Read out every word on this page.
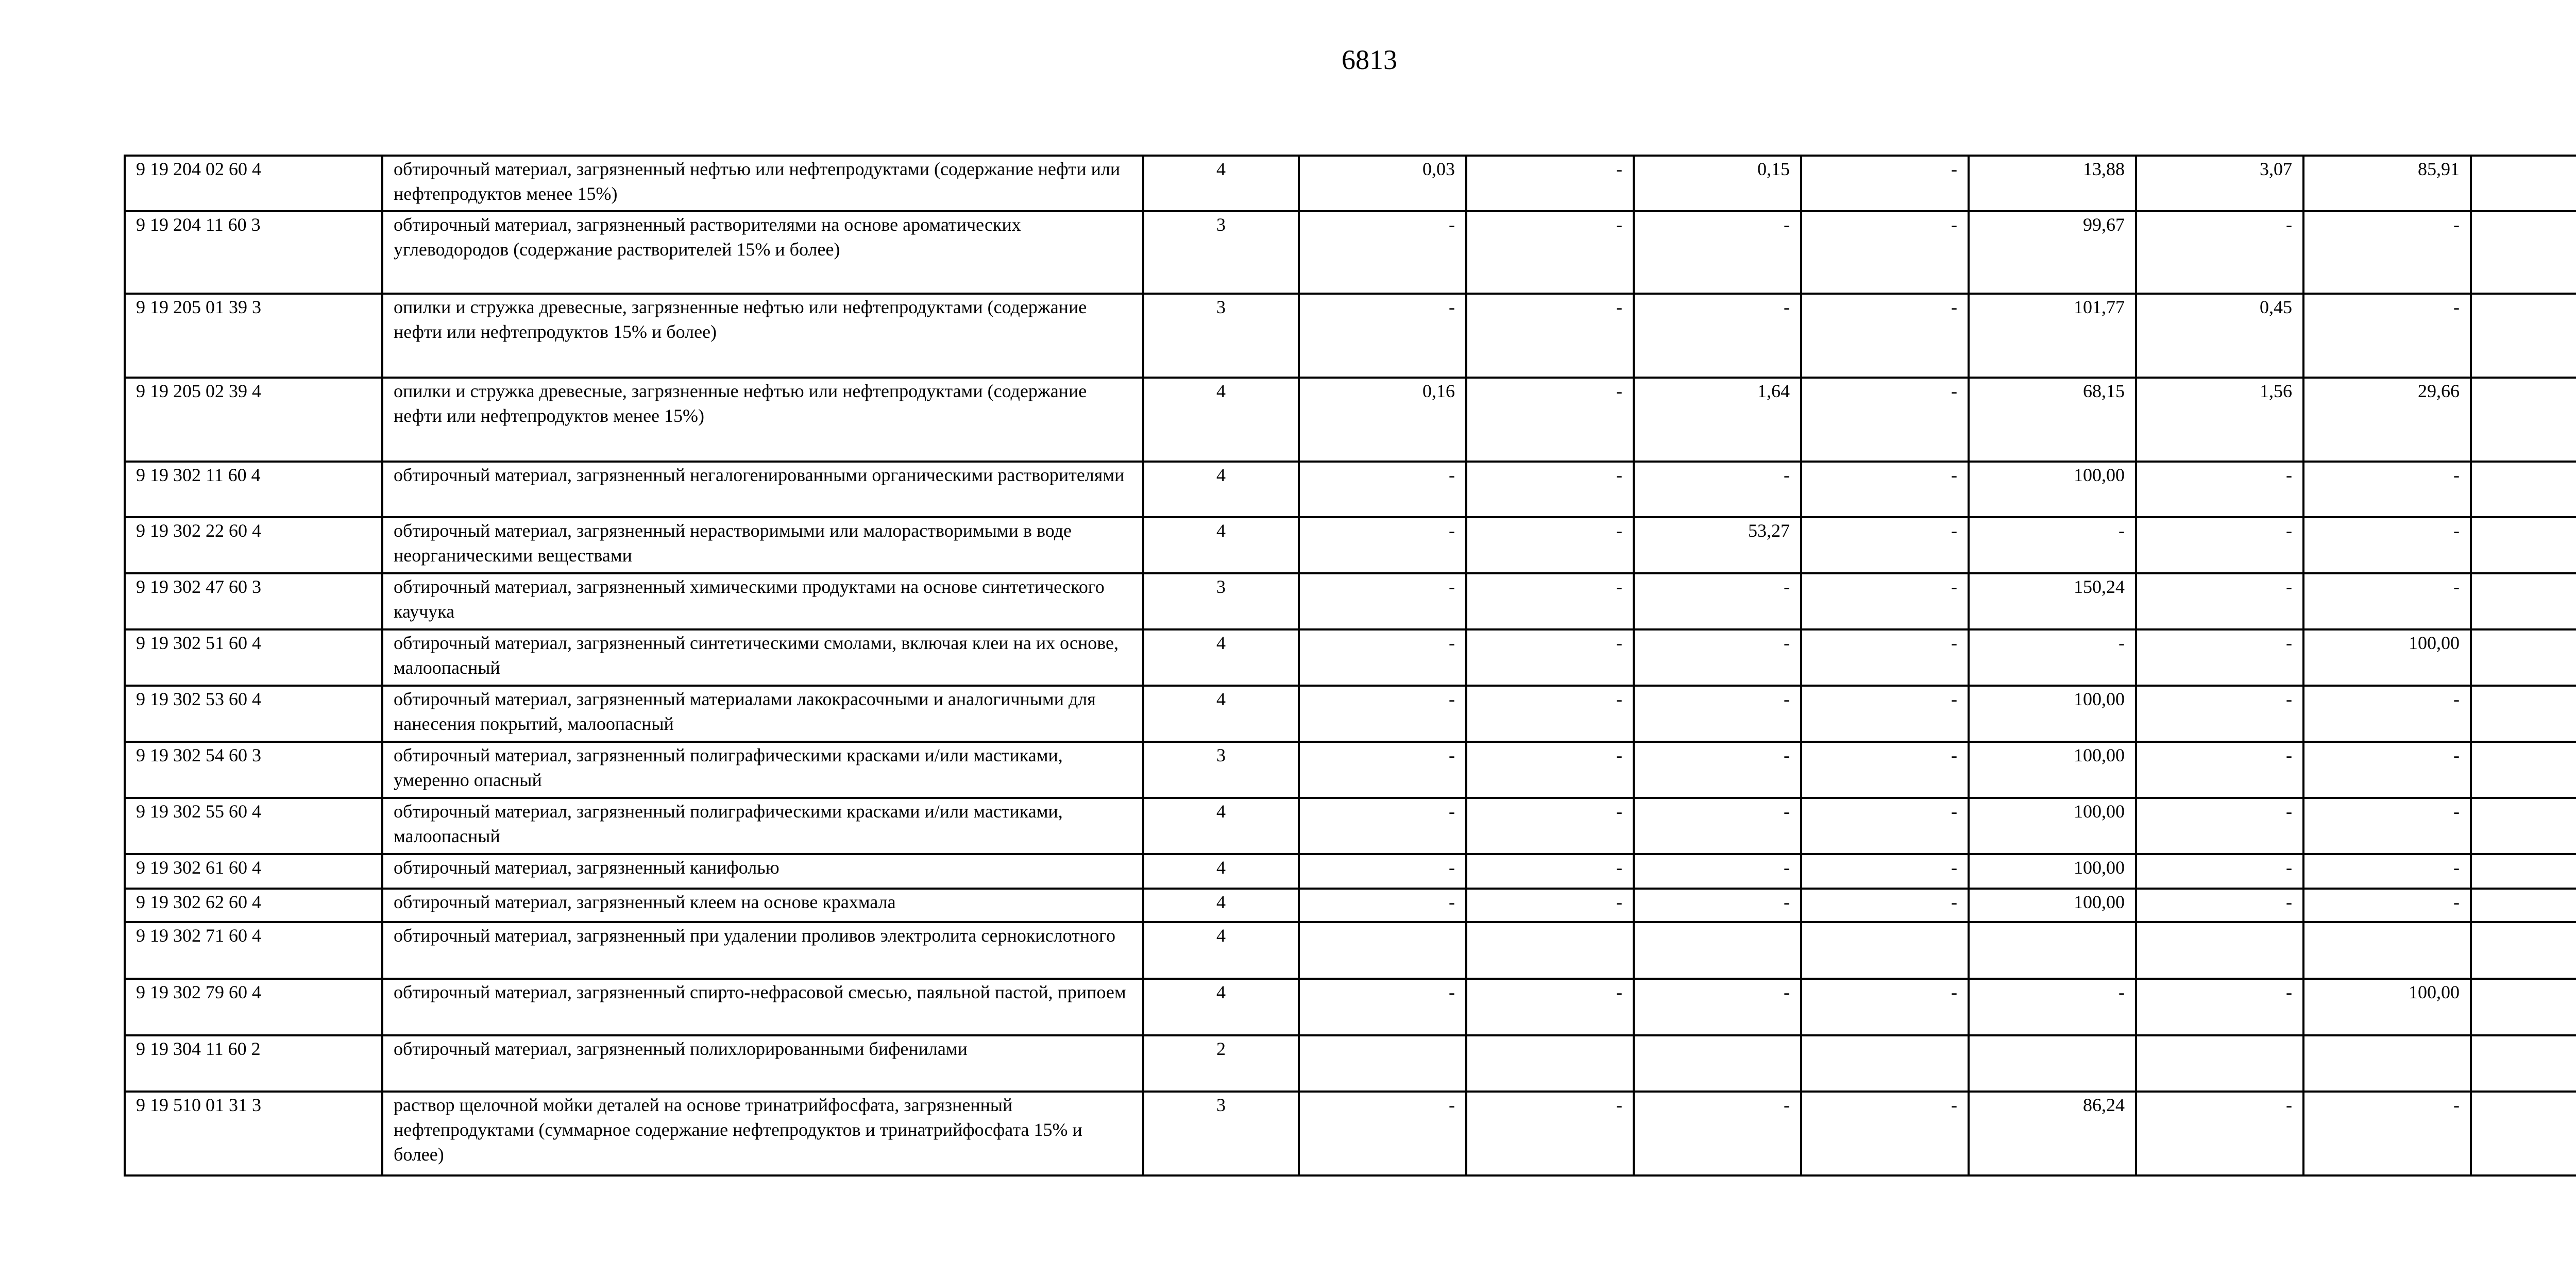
6813
9 19 204 02 60 4	обтирочный материал, загрязненный нефтью или нефтепродуктами (содержание нефти или нефтепродуктов менее 15%)	4	0,03	-	0,15	-	13,88	3,07	85,91	
9 19 204 11 60 3	обтирочный материал, загрязненный растворителями на основе ароматических углеводородов (содержание растворителей 15% и более)	3	-	-	-	-	99,67	-	-	
9 19 205 01 39 3	опилки и стружка древесные, загрязненные нефтью или нефтепродуктами (содержание нефти или нефтепродуктов 15% и более)	3	-	-	-	-	101,77	0,45	-	
9 19 205 02 39 4	опилки и стружка древесные, загрязненные нефтью или нефтепродуктами (содержание нефти или нефтепродуктов менее 15%)	4	0,16	-	1,64	-	68,15	1,56	29,66	
9 19 302 11 60 4	обтирочный материал, загрязненный негалогенированными органическими растворителями	4	-	-	-	-	100,00	-	-	
9 19 302 22 60 4	обтирочный материал, загрязненный нерастворимыми или малорастворимыми в воде неорганическими веществами	4	-	-	53,27	-	-	-	-	
9 19 302 47 60 3	обтирочный материал, загрязненный химическими продуктами на основе синтетического каучука	3	-	-	-	-	150,24	-	-	
9 19 302 51 60 4	обтирочный материал, загрязненный синтетическими смолами, включая клеи на их основе, малоопасный	4	-	-	-	-	-	-	100,00	
9 19 302 53 60 4	обтирочный материал, загрязненный материалами лакокрасочными и аналогичными для нанесения покрытий, малоопасный	4	-	-	-	-	100,00	-	-	
9 19 302 54 60 3	обтирочный материал, загрязненный полиграфическими красками и/или мастиками, умеренно опасный	3	-	-	-	-	100,00	-	-	
9 19 302 55 60 4	обтирочный материал, загрязненный полиграфическими красками и/или мастиками, малоопасный	4	-	-	-	-	100,00	-	-	
9 19 302 61 60 4	обтирочный материал, загрязненный канифолью	4	-	-	-	-	100,00	-	-	
9 19 302 62 60 4	обтирочный материал, загрязненный клеем на основе крахмала	4	-	-	-	-	100,00	-	-	
9 19 302 71 60 4	обтирочный материал, загрязненный при удалении проливов электролита сернокислотного	4								
9 19 302 79 60 4	обтирочный материал, загрязненный спирто-нефрасовой смесью, паяльной пастой, припоем	4	-	-	-	-	-	-	100,00	
9 19 304 11 60 2	обтирочный материал, загрязненный полихлорированными бифенилами	2								
9 19 510 01 31 3	раствор щелочной мойки деталей на основе тринатрийфосфата, загрязненный нефтепродуктами (суммарное содержание нефтепродуктов и тринатрийфосфата 15% и более)	3	-	-	-	-	86,24	-	-	
